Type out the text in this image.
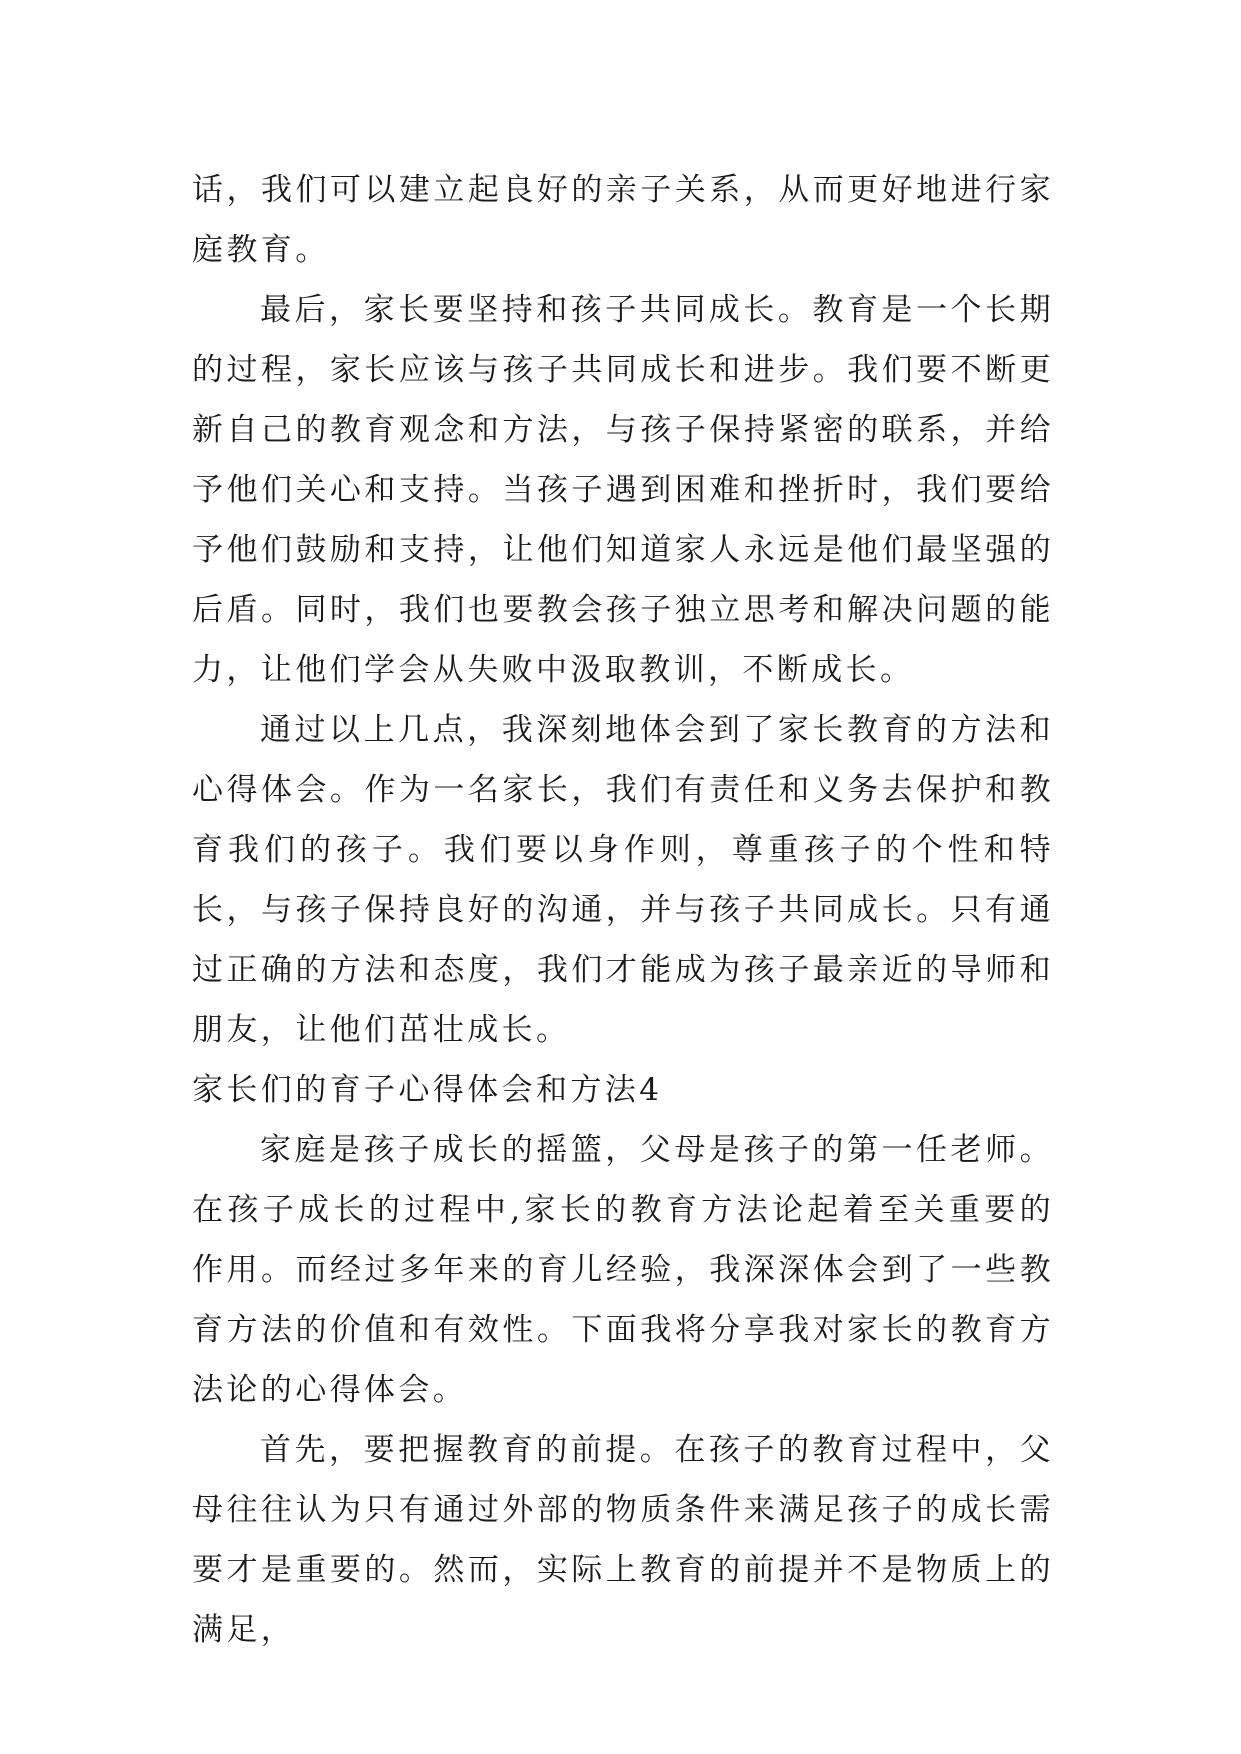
话，我们可以建立起良好的亲子关系，从而更好地进行家庭教育。

最后，家长要坚持和孩子共同成长。教育是一个长期的过程，家长应该与孩子共同成长和进步。我们要不断更新自己的教育观念和方法，与孩子保持紧密的联系，并给予他们关心和支持。当孩子遇到困难和挫折时，我们要给予他们鼓励和支持，让他们知道家人永远是他们最坚强的后盾。同时，我们也要教会孩子独立思考和解决问题的能力，让他们学会从失败中汲取教训，不断成长。

通过以上几点，我深刻地体会到了家长教育的方法和心得体会。作为一名家长，我们有责任和义务去保护和教育我们的孩子。我们要以身作则，尊重孩子的个性和特长，与孩子保持良好的沟通，并与孩子共同成长。只有通过正确的方法和态度，我们才能成为孩子最亲近的导师和朋友，让他们茁壮成长。

家长们的育子心得体会和方法4

家庭是孩子成长的摇篮，父母是孩子的第一任老师。在孩子成长的过程中,家长的教育方法论起着至关重要的作用。而经过多年来的育儿经验，我深深体会到了一些教育方法的价值和有效性。下面我将分享我对家长的教育方法论的心得体会。

首先，要把握教育的前提。在孩子的教育过程中，父母往往认为只有通过外部的物质条件来满足孩子的成长需要才是重要的。然而，实际上教育的前提并不是物质上的满足，
